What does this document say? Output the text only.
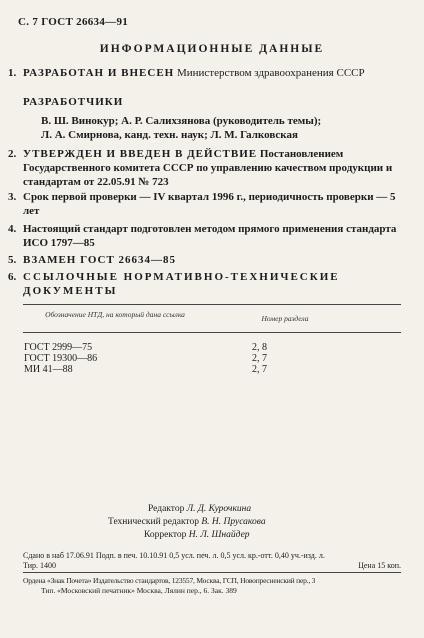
С. 7 ГОСТ 26634—91
ИНФОРМАЦИОННЫЕ ДАННЫЕ
1. РАЗРАБОТАН И ВНЕСЕН Министерством здравоохранения СССР
РАЗРАБОТЧИКИ
В. Ш. Винокур; А. Р. Салихзянова (руководитель темы);
Л. А. Смирнова, канд. техн. наук; Л. М. Галковская
2. УТВЕРЖДЕН И ВВЕДЕН В ДЕЙСТВИЕ Постановлением Государственного комитета СССР по управлению качеством продукции и стандартам от 22.05.91 № 723
3. Срок первой проверки — IV квартал 1996 г., периодичность проверки — 5 лет
4. Настоящий стандарт подготовлен методом прямого применения стандарта ИСО 1797—85
5. ВЗАМЕН ГОСТ 26634—85
6. ССЫЛОЧНЫЕ НОРМАТИВНО-ТЕХНИЧЕСКИЕ ДОКУМЕНТЫ
Обозначение НТД, на который дана ссылка	Номер раздела
ГОСТ 2999—75	2, 8
ГОСТ 19300—86	2, 7
МИ 41—88	2, 7
Редактор Л. Д. Курочкина
Технический редактор В. Н. Прусакова
Корректор Н. Л. Шнайдер
Сдано в наб 17.06.91 Подп. в печ. 10.10.91 0,5 усл. печ. л. 0,5 усл. кр.-отт. 0,40 уч.-изд. л.
Тир. 1400	Цена 15 коп.
Ордена «Знак Почета» Издательство стандартов, 123557, Москва, ГСП, Новопресненский пер., 3
Тип. «Московский печатник» Москва, Лялин пер., 6. Зак. 389
